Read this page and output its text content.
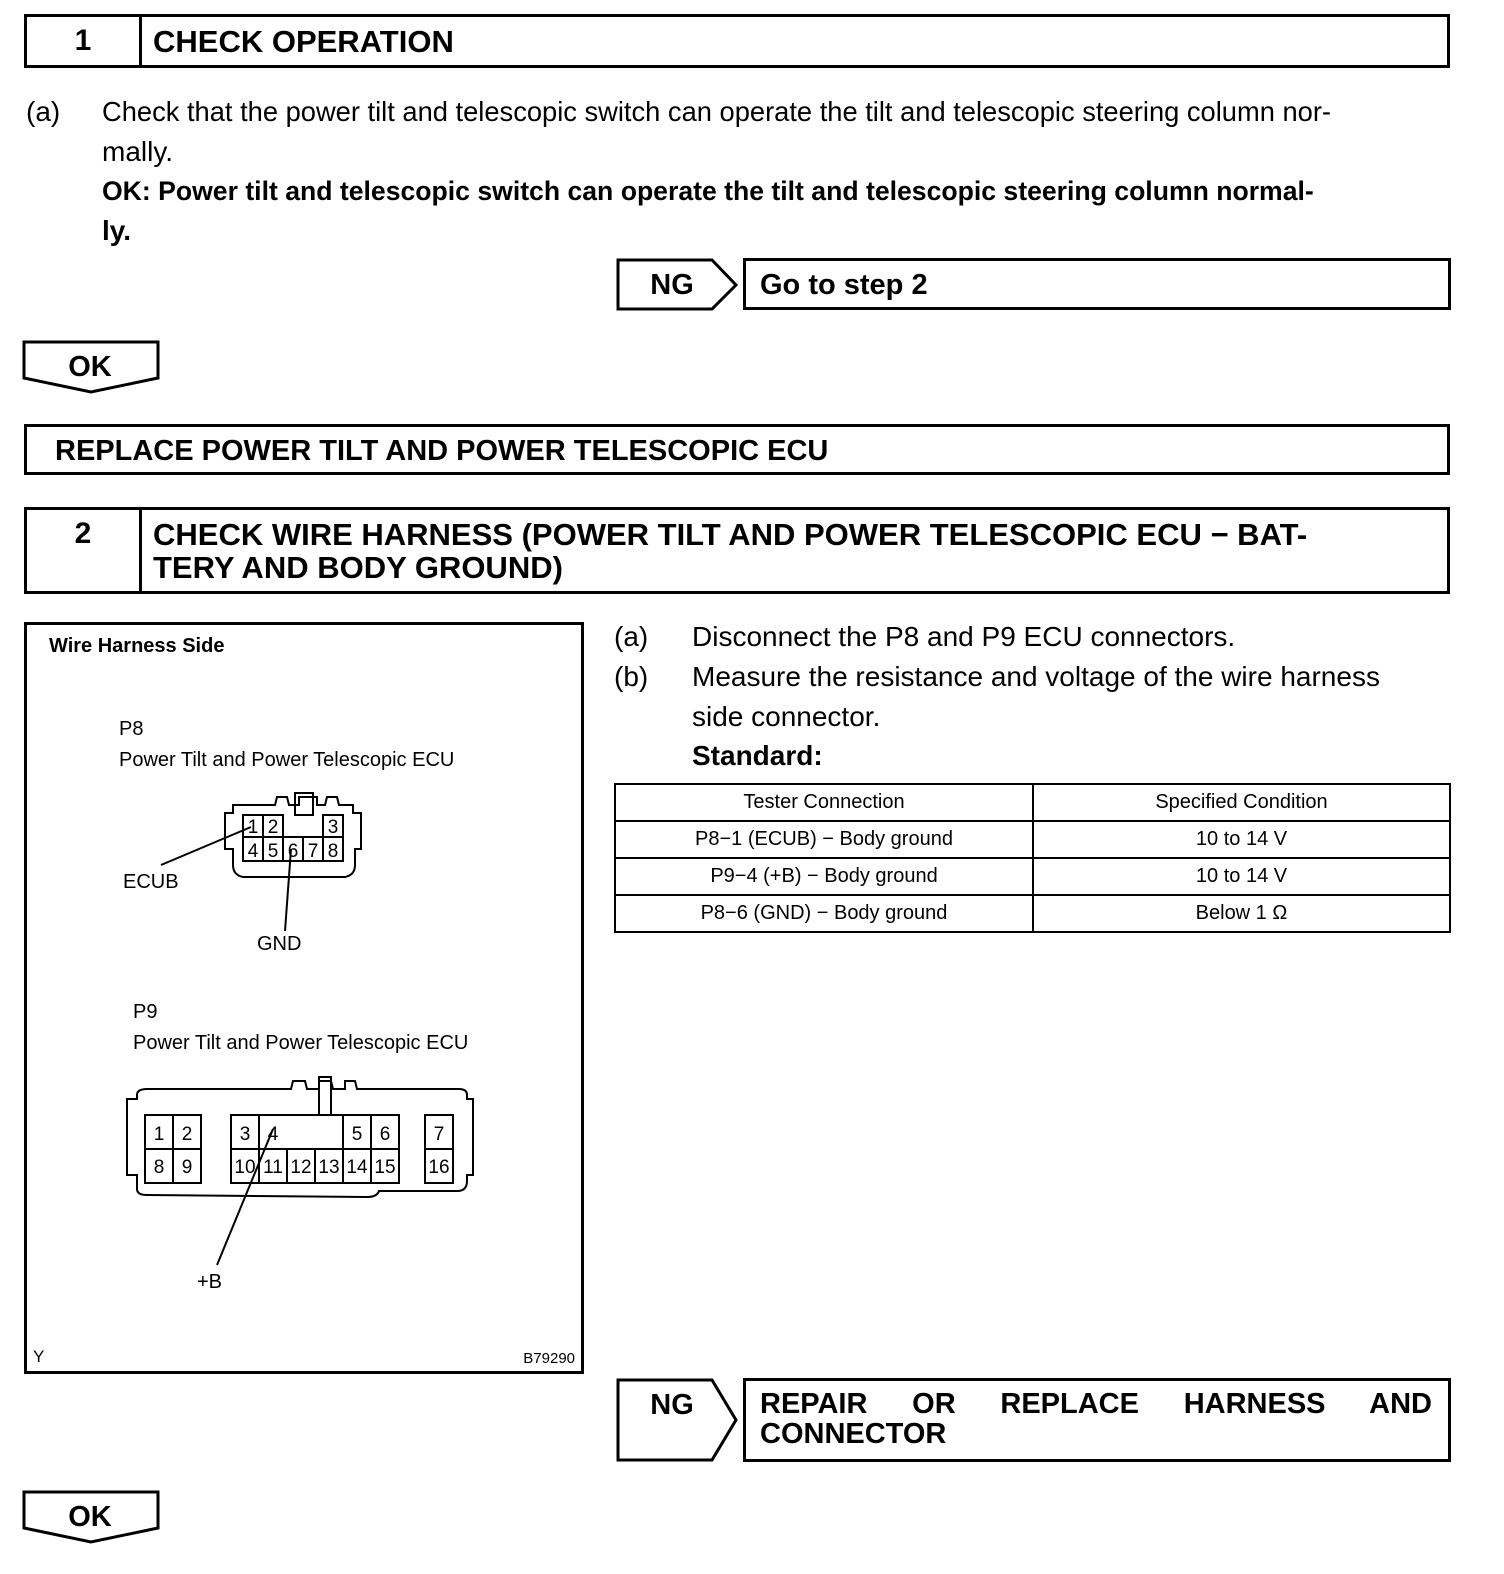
1	CHECK OPERATION
(a) Check that the power tilt and telescopic switch can operate the tilt and telescopic steering column nor-
mally.
OK: Power tilt and telescopic switch can operate the tilt and telescopic steering column normal-
ly.
NG Go to step 2
OK
REPLACE POWER TILT AND POWER TELESCOPIC ECU
2	CHECK WIRE HARNESS (POWER TILT AND POWER TELESCOPIC ECU − BAT-
TERY AND BODY GROUND)
Wire Harness Side
P8
Power Tilt and Power Telescopic ECU
ECUB
GND
P9
Power Tilt and Power Telescopic ECU
+B
Y	B79290
1 2	3
4 5 6 7 8
1 2 3 4	5 6 7
8 9 10 11 12 13 14 15 16
(a) Disconnect the P8 and P9 ECU connectors.
(b) Measure the resistance and voltage of the wire harness
side connector.
Standard:
Tester Connection	Specified Condition
P8−1 (ECUB) − Body ground	10 to 14 V
P9−4 (+B) − Body ground	10 to 14 V
P8−6 (GND) − Body ground	Below 1 Ω
NG REPAIR OR REPLACE HARNESS AND
CONNECTOR
OK
